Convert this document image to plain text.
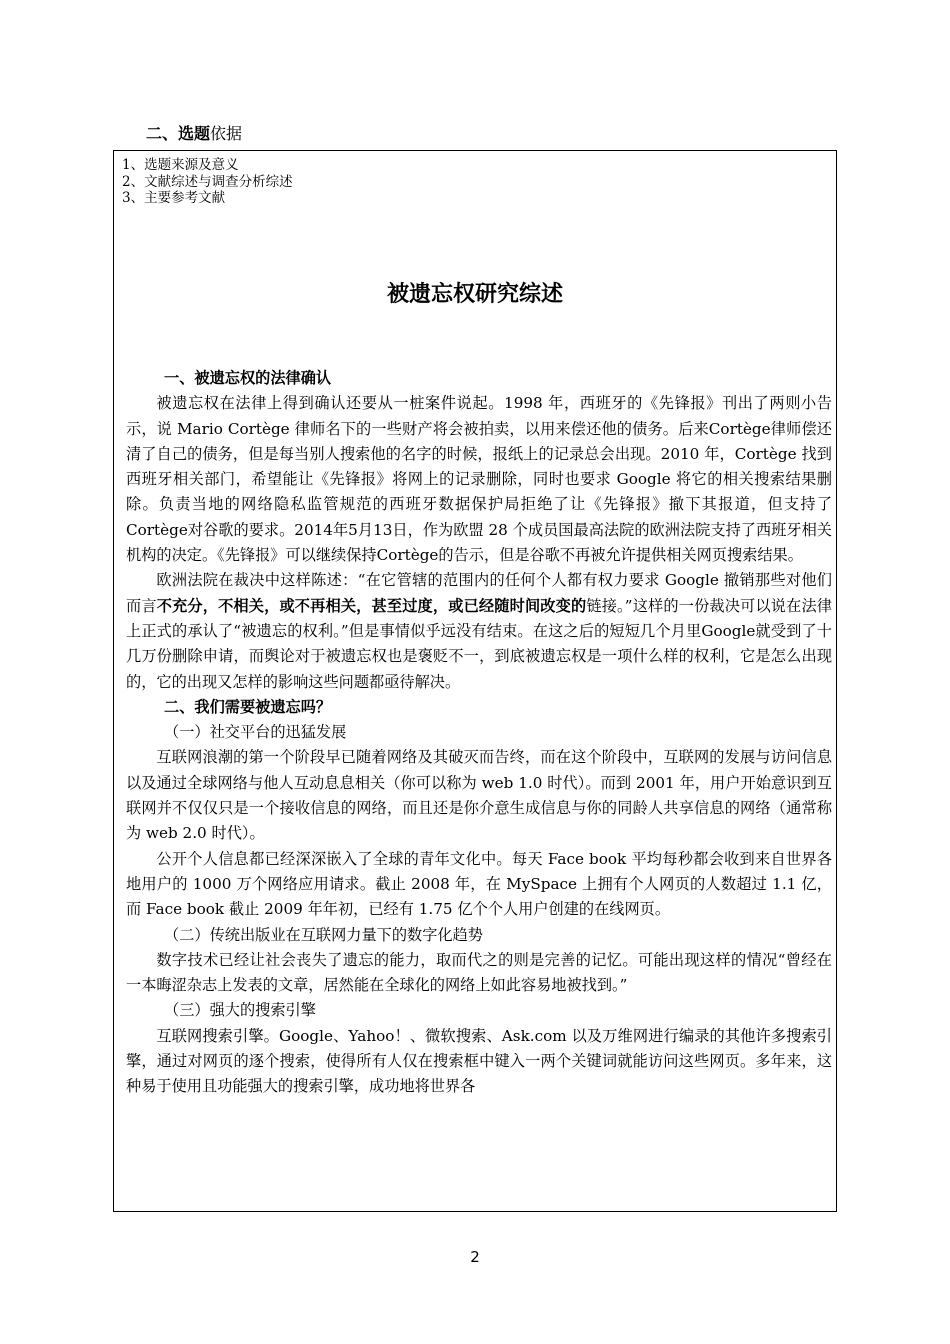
二、选题依据
1、选题来源及意义
2、文献综述与调查分析综述
3、主要参考文献
被遗忘权研究综述

一、被遗忘权的法律确认

被遗忘权在法律上得到确认还要从一桩案件说起。1998 年，西班牙的《先锋报》刊出了两则小告示，说 Mario Cortège 律师名下的一些财产将会被拍卖，以用来偿还他的债务。后来Cortège律师偿还清了自己的债务，但是每当别人搜索他的名字的时候，报纸上的记录总会出现。2010 年，Cortège 找到西班牙相关部门，希望能让《先锋报》将网上的记录删除，同时也要求 Google 将它的相关搜索结果删除。负责当地的网络隐私监管规范的西班牙数据保护局拒绝了让《先锋报》撤下其报道，但支持了Cortège对谷歌的要求。2014年5月13日，作为欧盟 28 个成员国最高法院的欧洲法院支持了西班牙相关机构的决定。《先锋报》可以继续保持Cortège的告示，但是谷歌不再被允许提供相关网页搜索结果。

欧洲法院在裁决中这样陈述：“在它管辖的范围内的任何个人都有权力要求 Google 撤销那些对他们而言不充分，不相关，或不再相关，甚至过度，或已经随时间改变的链接。”这样的一份裁决可以说在法律上正式的承认了“被遗忘的权利。”但是事情似乎远没有结束。在这之后的短短几个月里Google就受到了十几万份删除申请，而舆论对于被遗忘权也是褒贬不一，到底被遗忘权是一项什么样的权利，它是怎么出现的，它的出现又怎样的影响这些问题都亟待解决。

二、我们需要被遗忘吗？

（一）社交平台的迅猛发展

互联网浪潮的第一个阶段早已随着网络及其破灭而告终，而在这个阶段中，互联网的发展与访问信息以及通过全球网络与他人互动息息相关（你可以称为 web 1.0 时代）。而到 2001 年，用户开始意识到互联网并不仅仅只是一个接收信息的网络，而且还是你介意生成信息与你的同龄人共享信息的网络（通常称为 web 2.0 时代）。

公开个人信息都已经深深嵌入了全球的青年文化中。每天 Face book 平均每秒都会收到来自世界各地用户的 1000 万个网络应用请求。截止 2008 年，在 MySpace 上拥有个人网页的人数超过 1.1 亿，而 Face book 截止 2009 年年初，已经有 1.75 亿个个人用户创建的在线网页。

（二）传统出版业在互联网力量下的数字化趋势

数字技术已经让社会丧失了遗忘的能力，取而代之的则是完善的记忆。可能出现这样的情况“曾经在一本晦涩杂志上发表的文章，居然能在全球化的网络上如此容易地被找到。”

（三）强大的搜索引擎

互联网搜索引擎。Google、Yahoo！、微软搜索、Ask.com 以及万维网进行编录的其他许多搜索引擎，通过对网页的逐个搜索，使得所有人仅在搜索框中键入一两个关键词就能访问这些网页。多年来，这种易于使用且功能强大的搜索引擎，成功地将世界各

2
